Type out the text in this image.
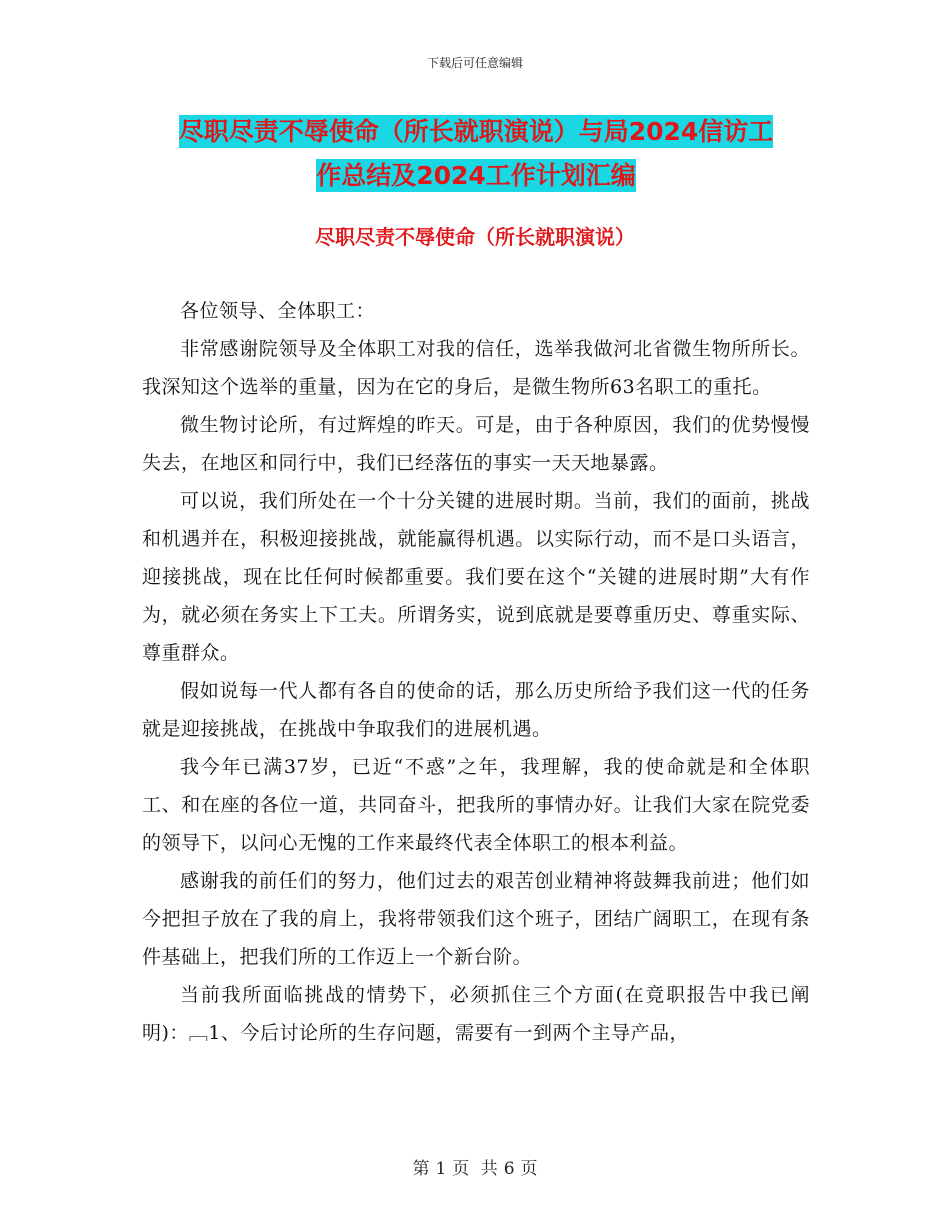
下载后可任意编辑
尽职尽责不辱使命（所长就职演说）与局2024信访工
作总结及2024工作计划汇编
尽职尽责不辱使命（所长就职演说）

各位领导、全体职工：

非常感谢院领导及全体职工对我的信任，选举我做河北省微生物所所长。我深知这个选举的重量，因为在它的身后，是微生物所63名职工的重托。

微生物讨论所，有过辉煌的昨天。可是，由于各种原因，我们的优势慢慢失去，在地区和同行中，我们已经落伍的事实一天天地暴露。

可以说，我们所处在一个十分关键的进展时期。当前，我们的面前，挑战和机遇并在，积极迎接挑战，就能赢得机遇。以实际行动，而不是口头语言，迎接挑战，现在比任何时候都重要。我们要在这个“关键的进展时期”大有作为，就必须在务实上下工夫。所谓务实，说到底就是要尊重历史、尊重实际、尊重群众。

假如说每一代人都有各自的使命的话，那么历史所给予我们这一代的任务就是迎接挑战，在挑战中争取我们的进展机遇。

我今年已满37岁，已近“不惑”之年，我理解，我的使命就是和全体职工、和在座的各位一道，共同奋斗，把我所的事情办好。让我们大家在院党委的领导下，以问心无愧的工作来最终代表全体职工的根本利益。

感谢我的前任们的努力，他们过去的艰苦创业精神将鼓舞我前进；他们如今把担子放在了我的肩上，我将带领我们这个班子，团结广阔职工，在现有条件基础上，把我们所的工作迈上一个新台阶。

当前我所面临挑战的情势下，必须抓住三个方面(在竟职报告中我已阐明)：﹇1、今后讨论所的生存问题，需要有一到两个主导产品，

第 1 页 共 6 页
